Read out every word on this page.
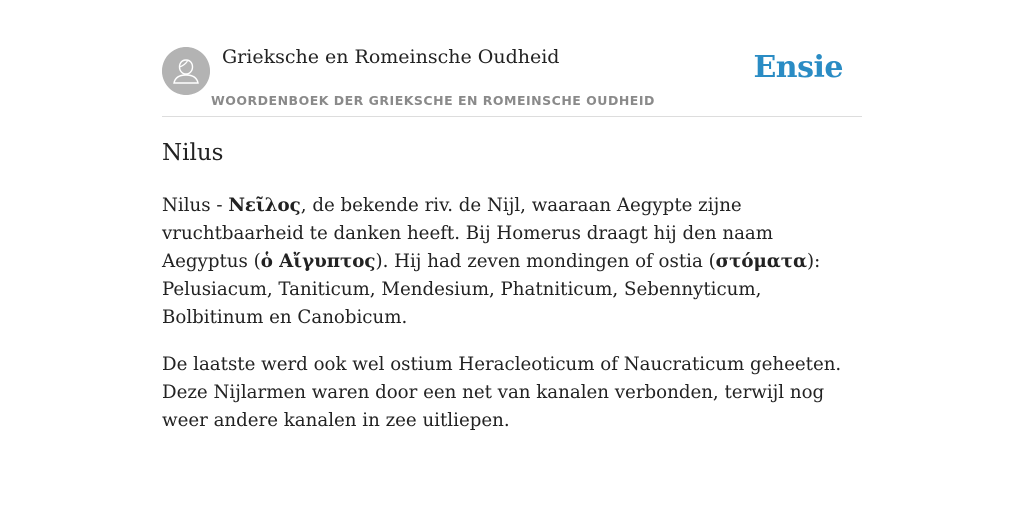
Grieksche en Romeinsche Oudheid
WOORDENBOEK DER GRIEKSCHE EN ROMEINSCHE OUDHEID
Ensie
Nilus

Nilus - Νεῖλος, de bekende riv. de Nijl, waaraan Aegypte zijne vruchtbaarheid te danken heeft. Bij Homerus draagt hij den naam Aegyptus (ὁ Αἴγυπτος). Hij had zeven mondingen of ostia (στόματα): Pelusiacum, Taniticum, Mendesium, Phatniticum, Sebennyticum, Bolbitinum en Canobicum.

De laatste werd ook wel ostium Heracleoticum of Naucraticum geheeten. Deze Nijlarmen waren door een net van kanalen verbonden, terwijl nog weer andere kanalen in zee uitliepen.
